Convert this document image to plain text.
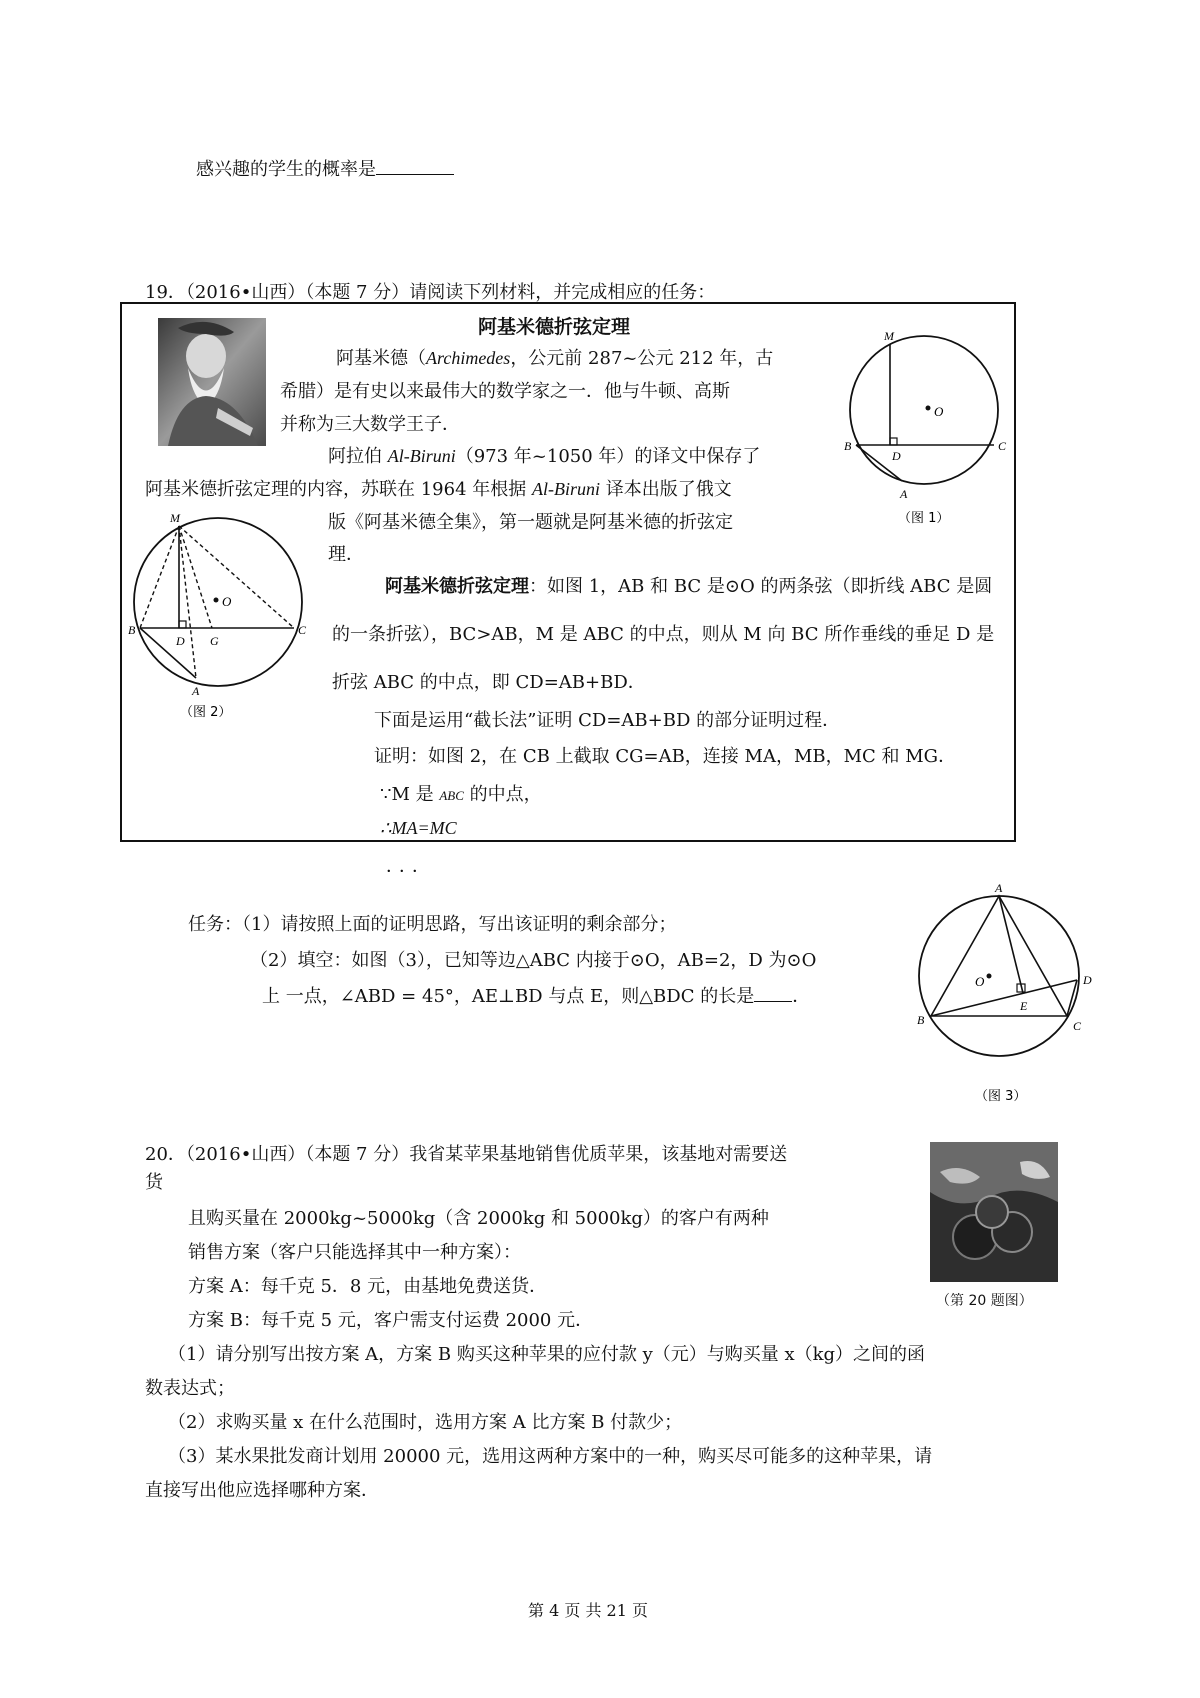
感兴趣的学生的概率是
19．（2016•山西）（本题 7 分）请阅读下列材料，并完成相应的任务：
阿基米德折弦定理
阿基米德（Archimedes，公元前 287~公元 212 年，古
希腊）是有史以来最伟大的数学家之一．他与牛顿、高斯
并称为三大数学王子．
阿拉伯 Al-Biruni（973 年~1050 年）的译文中保存了
阿基米德折弦定理的内容，苏联在 1964 年根据 Al-Biruni 译本出版了俄文
版《阿基米德全集》，第一题就是阿基米德的折弦定
理．
O
M
B	C
D
A
（图 1）
O
M
B	C
D G
A
（图 2）
阿基米德折弦定理：如图 1，AB 和 BC 是⊙O 的两条弦（即折线 ABC 是圆
的一条折弦），BC>AB，M 是 ABC 的中点，则从 M 向 BC 所作垂线的垂足 D 是
折弦 ABC 的中点，即 CD=AB+BD．
下面是运用“截长法”证明 CD=AB+BD 的部分证明过程．
证明：如图 2，在 CB 上截取 CG=AB，连接 MA，MB，MC 和 MG．
∵M 是 ABC 的中点，
∴MA=MC
．．．
任务：（1）请按照上面的证明思路，写出该证明的剩余部分；
（2）填空：如图（3），已知等边△ABC 内接于⊙O，AB=2，D 为⊙O
上 一点，∠ABD = 45°，AE⊥BD 与点 E，则△BDC 的长是 ．
O
A
B	C
D
E
（图 3）
20．（2016•山西）（本题 7 分）我省某苹果基地销售优质苹果，该基地对需要送
货
且购买量在 2000kg~5000kg（含 2000kg 和 5000kg）的客户有两种
销售方案（客户只能选择其中一种方案）：
方案 A：每千克 5．8 元，由基地免费送货．
方案 B：每千克 5 元，客户需支付运费 2000 元．
（1）请分别写出按方案 A，方案 B 购买这种苹果的应付款 y（元）与购买量 x（kg）之间的函
数表达式；
（2）求购买量 x 在什么范围时，选用方案 A 比方案 B 付款少；
（3）某水果批发商计划用 20000 元，选用这两种方案中的一种，购买尽可能多的这种苹果，请
直接写出他应选择哪种方案．
（第 20 题图）
第 4 页 共 21 页
